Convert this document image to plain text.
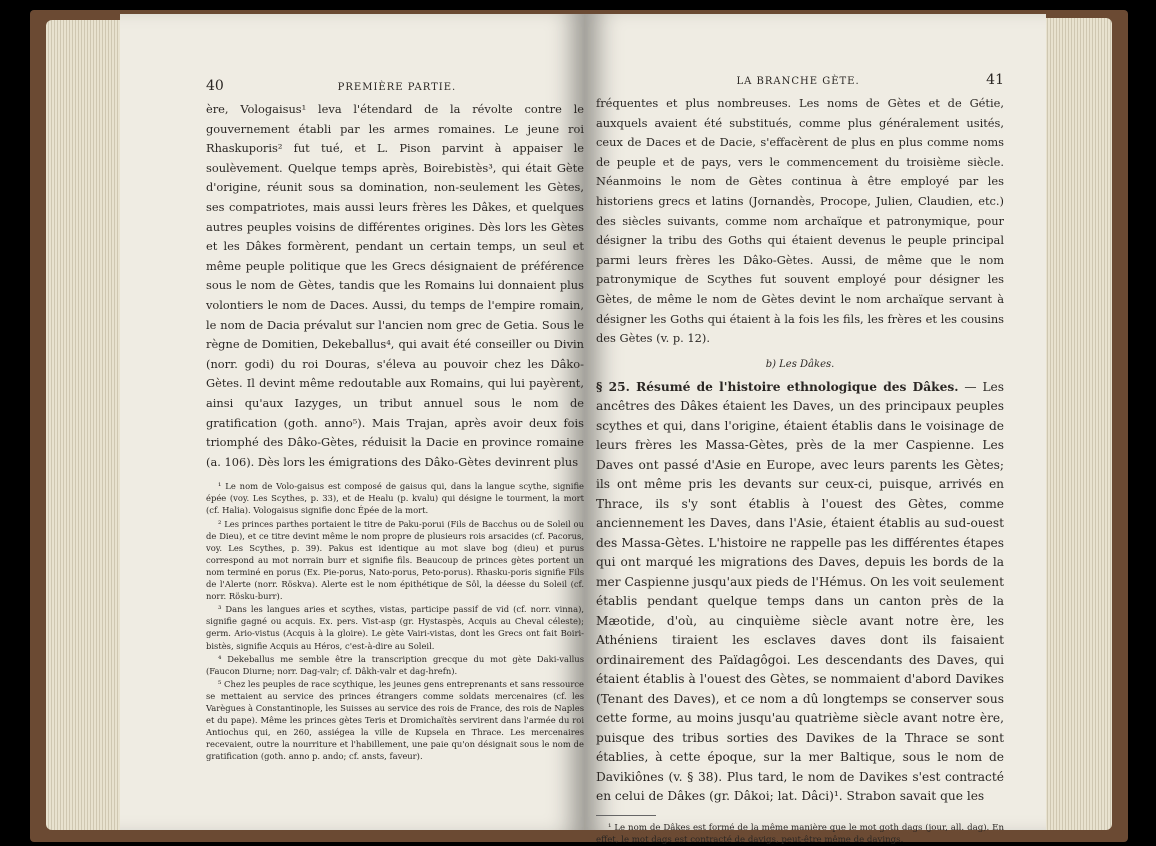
40	PREMIÈRE PARTIE.

ère, Vologaisus¹ leva l'étendard de la révolte contre le gouvernement établi par les armes romaines. Le jeune roi Rhaskuporis² fut tué, et L. Pison parvint à appaiser le soulèvement. Quelque temps après, Boirebistès³, qui était Gète d'origine, réunit sous sa domination, non-seulement les Gètes, ses compatriotes, mais aussi leurs frères les Dâkes, et quelques autres peuples voisins de différentes origines. Dès lors les Gètes et les Dâkes formèrent, pendant un certain temps, un seul et même peuple politique que les Grecs désignaient de préférence sous le nom de Gètes, tandis que les Romains lui donnaient plus volontiers le nom de Daces. Aussi, du temps de l'empire romain, le nom de Dacia prévalut sur l'ancien nom grec de Getia. Sous le règne de Domitien, Dekeballus⁴, qui avait été conseiller ou Divin (norr. godi) du roi Douras, s'éleva au pouvoir chez les Dâko-Gètes. Il devint même redoutable aux Romains, qui lui payèrent, ainsi qu'aux Iazyges, un tribut annuel sous le nom de gratification (goth. anno⁵). Mais Trajan, après avoir deux fois triomphé des Dâko-Gètes, réduisit la Dacie en province romaine (a. 106). Dès lors les émigrations des Dâko-Gètes devinrent plus

¹ Le nom de Volo-gaisus est composé de gaisus qui, dans la langue scythe, signifie épée (voy. Les Scythes, p. 33), et de Healu (p. kvalu) qui désigne le tourment, la mort (cf. Halia). Vologaisus signifie donc Épée de la mort.

² Les princes parthes portaient le titre de Paku-porui (Fils de Bacchus ou de Soleil ou de Dieu), et ce titre devint même le nom propre de plusieurs rois arsacides (cf. Pacorus, voy. Les Scythes, p. 39). Pakus est identique au mot slave bog (dieu) et purus correspond au mot norrain burr et signifie fils. Beaucoup de princes gètes portent un nom terminé en porus (Ex. Pie-porus, Nato-porus, Peto-porus). Rhasku-poris signifie Fils de l'Alerte (norr. Röskva). Alerte est le nom épithétique de Sôl, la déesse du Soleil (cf. norr. Rösku-burr).

³ Dans les langues aries et scythes, vistas, participe passif de vid (cf. norr. vinna), signifie gagné ou acquis. Ex. pers. Vist-asp (gr. Hystaspès, Acquis au Cheval céleste); germ. Ario-vistus (Acquis à la gloire). Le gète Vairi-vistas, dont les Grecs ont fait Boiri-bistès, signifie Acquis au Héros, c'est-à-dire au Soleil.

⁴ Dekeballus me semble être la transcription grecque du mot gète Daki-vallus (Faucon Diurne; norr. Dag-valr; cf. Dâkh-valr et dag-hrefn).

⁵ Chez les peuples de race scythique, les jeunes gens entreprenants et sans ressource se mettaient au service des princes étrangers comme soldats mercenaires (cf. les Varègues à Constantinople, les Suisses au service des rois de France, des rois de Naples et du pape). Même les princes gètes Teris et Dromichaïtès servirent dans l'armée du roi Antiochus qui, en 260, assiégea la ville de Kupsela en Thrace. Les mercenaires recevaient, outre la nourriture et l'habillement, une paie qu'on désignait sous le nom de gratification (goth. anno p. ando; cf. ansts, faveur).

LA BRANCHE GÈTE.	41

fréquentes et plus nombreuses. Les noms de Gètes et de Gétie, auxquels avaient été substitués, comme plus généralement usités, ceux de Daces et de Dacie, s'effacèrent de plus en plus comme noms de peuple et de pays, vers le commencement du troisième siècle. Néanmoins le nom de Gètes continua à être employé par les historiens grecs et latins (Jornandès, Procope, Julien, Claudien, etc.) des siècles suivants, comme nom archaïque et patronymique, pour désigner la tribu des Goths qui étaient devenus le peuple principal parmi leurs frères les Dâko-Gètes. Aussi, de même que le nom patronymique de Scythes fut souvent employé pour désigner les Gètes, de même le nom de Gètes devint le nom archaïque servant à désigner les Goths qui étaient à la fois les fils, les frères et les cousins des Gètes (v. p. 12).

b) Les Dâkes.
§ 25. Résumé de l'histoire ethnologique des Dâkes. — Les ancêtres des Dâkes étaient les Daves, un des principaux peuples scythes et qui, dans l'origine, étaient établis dans le voisinage de leurs frères les Massa-Gètes, près de la mer Caspienne. Les Daves ont passé d'Asie en Europe, avec leurs parents les Gètes; ils ont même pris les devants sur ceux-ci, puisque, arrivés en Thrace, ils s'y sont établis à l'ouest des Gètes, comme anciennement les Daves, dans l'Asie, étaient établis au sud-ouest des Massa-Gètes. L'histoire ne rappelle pas les différentes étapes qui ont marqué les migrations des Daves, depuis les bords de la mer Caspienne jusqu'aux pieds de l'Hémus. On les voit seulement établis pendant quelque temps dans un canton près de la Mæotide, d'où, au cinquième siècle avant notre ère, les Athéniens tiraient les esclaves daves dont ils faisaient ordinairement des Païdagôgoi. Les descendants des Daves, qui étaient établis à l'ouest des Gètes, se nommaient d'abord Davikes (Tenant des Daves), et ce nom a dû longtemps se conserver sous cette forme, au moins jusqu'au quatrième siècle avant notre ère, puisque des tribus sorties des Davikes de la Thrace se sont établies, à cette époque, sur la mer Baltique, sous le nom de Davikiônes (v. § 38). Plus tard, le nom de Davikes s'est contracté en celui de Dâkes (gr. Dâkoi; lat. Dâci)¹. Strabon savait que les

¹ Le nom de Dâkes est formé de la même manière que le mot goth dags (jour, all. dag). En effet, le mot dags est contracté de davigs, peut-être même de davings.
